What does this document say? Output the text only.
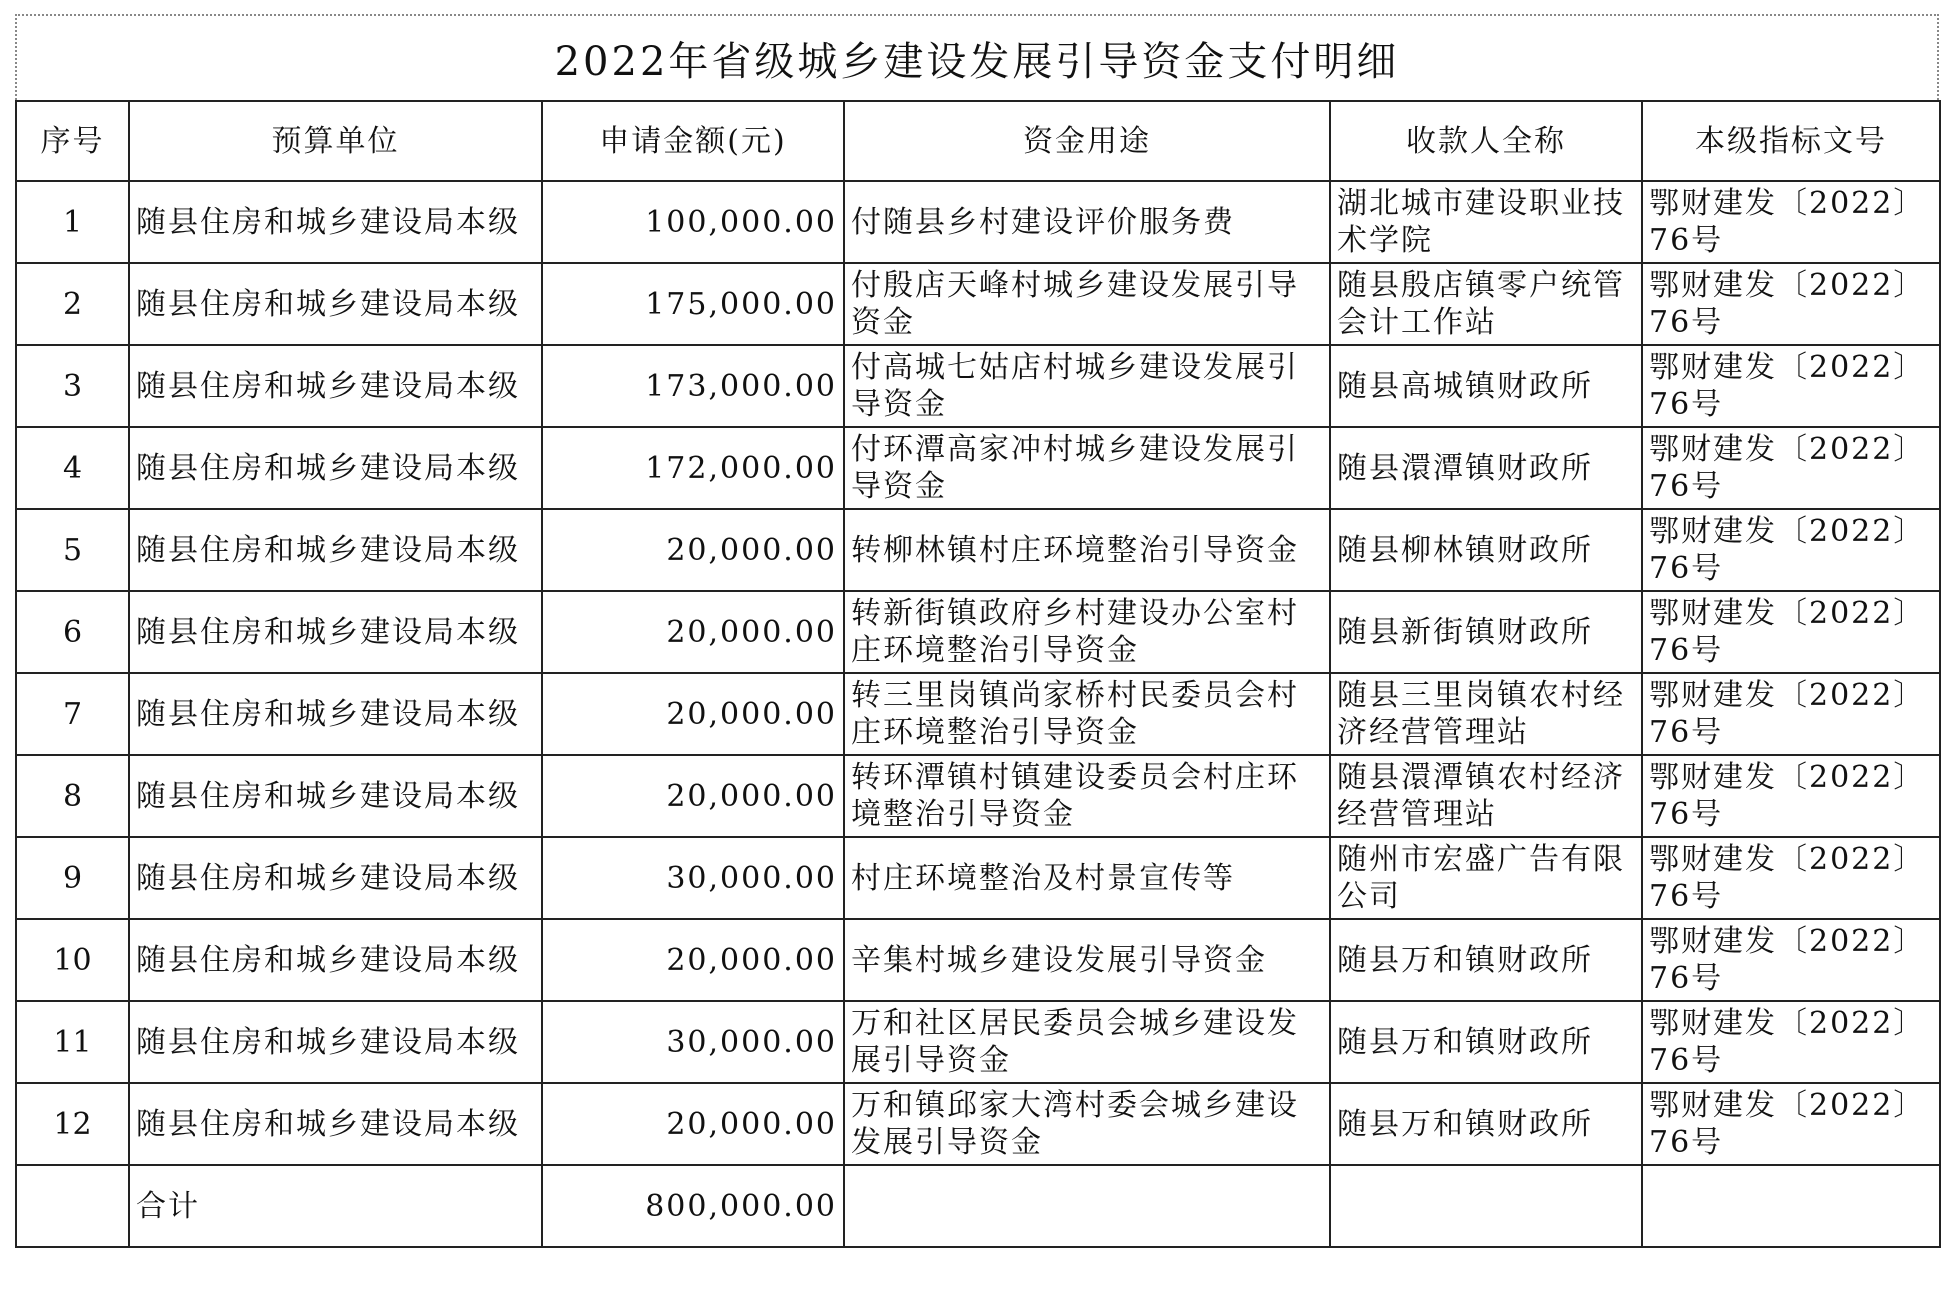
2022年省级城乡建设发展引导资金支付明细
序号	预算单位	申请金额(元)	资金用途	收款人全称	本级指标文号
1	随县住房和城乡建设局本级	100,000.00	付随县乡村建设评价服务费	湖北城市建设职业技术学院	鄂财建发〔2022〕76号
2	随县住房和城乡建设局本级	175,000.00	付殷店天峰村城乡建设发展引导资金	随县殷店镇零户统管会计工作站	鄂财建发〔2022〕76号
3	随县住房和城乡建设局本级	173,000.00	付高城七姑店村城乡建设发展引导资金	随县高城镇财政所	鄂财建发〔2022〕76号
4	随县住房和城乡建设局本级	172,000.00	付环潭高家冲村城乡建设发展引导资金	随县澴潭镇财政所	鄂财建发〔2022〕76号
5	随县住房和城乡建设局本级	20,000.00	转柳林镇村庄环境整治引导资金	随县柳林镇财政所	鄂财建发〔2022〕76号
6	随县住房和城乡建设局本级	20,000.00	转新街镇政府乡村建设办公室村庄环境整治引导资金	随县新街镇财政所	鄂财建发〔2022〕76号
7	随县住房和城乡建设局本级	20,000.00	转三里岗镇尚家桥村民委员会村庄环境整治引导资金	随县三里岗镇农村经济经营管理站	鄂财建发〔2022〕76号
8	随县住房和城乡建设局本级	20,000.00	转环潭镇村镇建设委员会村庄环境整治引导资金	随县澴潭镇农村经济经营管理站	鄂财建发〔2022〕76号
9	随县住房和城乡建设局本级	30,000.00	村庄环境整治及村景宣传等	随州市宏盛广告有限公司	鄂财建发〔2022〕76号
10	随县住房和城乡建设局本级	20,000.00	辛集村城乡建设发展引导资金	随县万和镇财政所	鄂财建发〔2022〕76号
11	随县住房和城乡建设局本级	30,000.00	万和社区居民委员会城乡建设发展引导资金	随县万和镇财政所	鄂财建发〔2022〕76号
12	随县住房和城乡建设局本级	20,000.00	万和镇邱家大湾村委会城乡建设发展引导资金	随县万和镇财政所	鄂财建发〔2022〕76号
	合计	800,000.00			
